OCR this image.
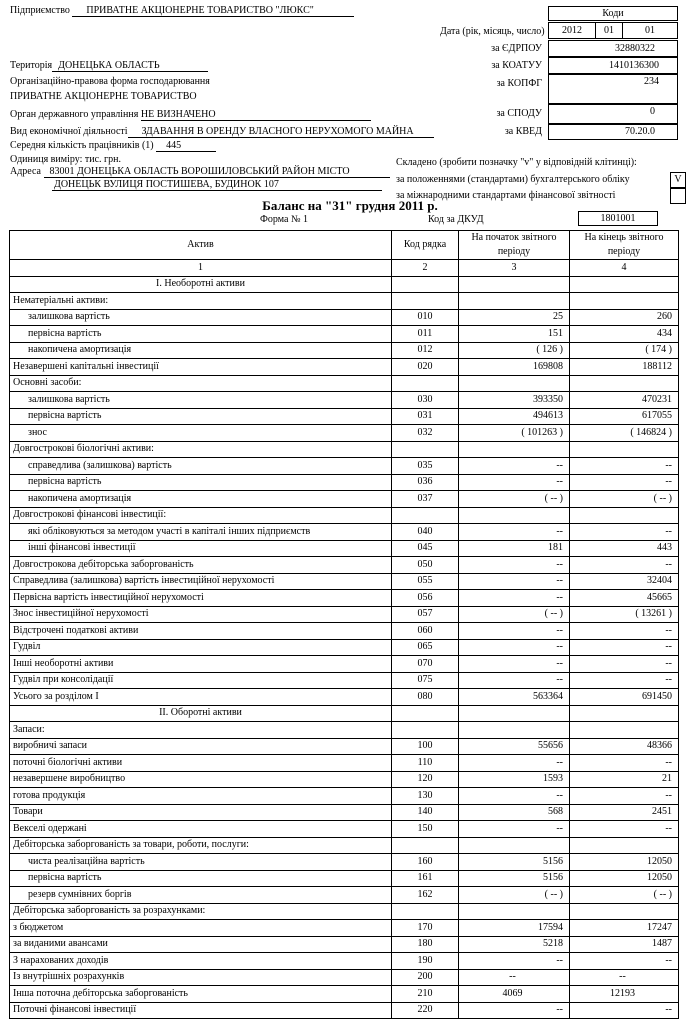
Підприємство ПРИВАТНЕ АКЦІОНЕРНЕ ТОВАРИСТВО "ЛЮКС"	Коди
Дата (рік, місяць, число)	2012	01	01
за ЄДРПОУ	32880322
за КОАТУУ	1410136300
за КОПФГ	234
за СПОДУ	0
за КВЕД	70.20.0
Територія ДОНЕЦЬКА ОБЛАСТЬ
Організаційно-правова форма господарювання
ПРИВАТНЕ АКЦІОНЕРНЕ ТОВАРИСТВО
Орган державного управління НЕ ВИЗНАЧЕНО
Вид економічної діяльності ЗДАВАННЯ В ОРЕНДУ ВЛАСНОГО НЕРУХОМОГО МАЙНА
Середня кількість працівників (1) 445
Одиниця виміру: тис. грн.
Адреса 83001 ДОНЕЦЬКА ОБЛАСТЬ ВОРОШИЛОВСЬКИЙ РАЙОН МІСТО
ДОНЕЦЬК ВУЛИЦЯ ПОСТИШЕВА, БУДИНОК 107
Складено (зробити позначку "v" у відповідній клітинці):
за положеннями (стандартами) бухгалтерського обліку
за міжнародними стандартами фінансової звітності
V
Баланс на "31" грудня 2011 р.
Форма № 1	Код за ДКУД	1801001
Актив	Код рядка	На початок звітного періоду	На кінець звітного періоду
1	2	3	4
І. Необоротні активи			
Нематеріальні активи:			
залишкова вартість	010	25	260
первісна вартість	011	151	434
накопичена амортизація	012	( 126 )	( 174 )
Незавершені капітальні інвестиції	020	169808	188112
Основні засоби:			
залишкова вартість	030	393350	470231
первісна вартість	031	494613	617055
знос	032	( 101263 )	( 146824 )
Довгострокові біологічні активи:			
справедлива (залишкова) вартість	035	--	--
первісна вартість	036	--	--
накопичена амортизація	037	( -- )	( -- )
Довгострокові фінансові інвестиції:			
які обліковуються за методом участі в капіталі інших підприємств	040	--	--
інші фінансові інвестиції	045	181	443
Довгострокова дебіторська заборгованість	050	--	--
Справедлива (залишкова) вартість інвестиційної нерухомості	055	--	32404
Первісна вартість інвестиційної нерухомості	056	--	45665
Знос інвестиційної нерухомості	057	( -- )	( 13261 )
Відстрочені податкові активи	060	--	--
Гудвіл	065	--	--
Інші необоротні активи	070	--	--
Гудвіл при консолідації	075	--	--
Усього за розділом І	080	563364	691450
ІІ. Оборотні активи			
Запаси:			
виробничі запаси	100	55656	48366
поточні біологічні активи	110	--	--
незавершене виробництво	120	1593	21
готова продукція	130	--	--
Товари	140	568	2451
Векселі одержані	150	--	--
Дебіторська заборгованість за товари, роботи, послуги:			
чиста реалізаційна вартість	160	5156	12050
первісна вартість	161	5156	12050
резерв сумнівних боргів	162	( -- )	( -- )
Дебіторська заборгованість за розрахунками:			
з бюджетом	170	17594	17247
за виданими авансами	180	5218	1487
З нарахованих доходів	190	--	--
Із внутрішніх розрахунків	200	--	--
Інша поточна дебіторська заборгованість	210	4069	12193
Поточні фінансові інвестиції	220	--	--
